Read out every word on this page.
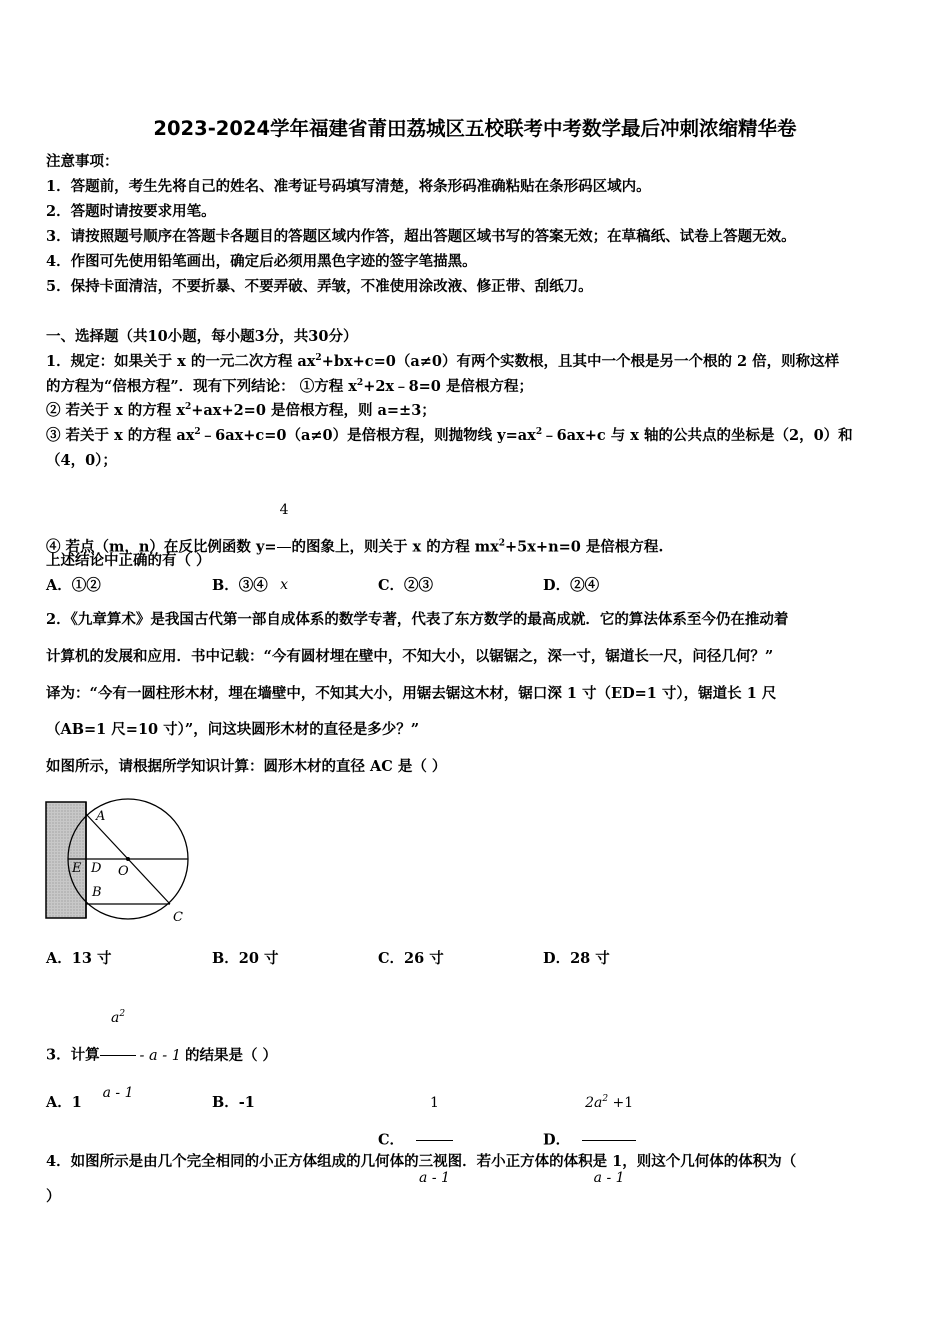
2023-2024学年福建省莆田荔城区五校联考中考数学最后冲刺浓缩精华卷
注意事项：
1．答题前，考生先将自己的姓名、准考证号码填写清楚，将条形码准确粘贴在条形码区域内。
2．答题时请按要求用笔。
3．请按照题号顺序在答题卡各题目的答题区域内作答，超出答题区域书写的答案无效；在草稿纸、试卷上答题无效。
4．作图可先使用铅笔画出，确定后必须用黑色字迹的签字笔描黑。
5．保持卡面清洁，不要折暴、不要弄破、弄皱，不准使用涂改液、修正带、刮纸刀。
一、选择题（共10小题，每小题3分，共30分）
1．规定：如果关于 x 的一元二次方程 $ax^2+bx+c=0(a\ne 0)$有两个实数根，且其中一个根是另一个根的 2 倍，则称这样
的方程为“倍根方程”．现有下列结论： ①方程 $x^2+2x﹣8=0$ 是倍根方程；
② 若关于 x 的方程 $x^2+ax+2=0$ 是倍根方程，则 a=±3；
③ 若关于 x 的方程 $ax^2﹣6ax+c=0(a\ne 0)$是倍根方程，则抛物线 $y=ax^2﹣6ax+c$ 与 x 轴的公共点的坐标是（2，0）和
（4，0）；
④ 若点（m，n）在反比例函数 $y= \frac{4}{x}$ 的图象上，则关于 x 的方程 $mx^2+5x+n=0$ 是倍根方程.
上述结论中正确的有（ ）
A．①②	B．③④	C．②③	D．②④
2．《九章算术》是我国古代第一部自成体系的数学专著，代表了东方数学的最高成就．它的算法体系至今仍在推动着
计算机的发展和应用．书中记载：“今有圆材埋在壁中，不知大小，以锯锯之，深一寸，锯道长一尺，问径几何？”
译为：“今有一圆柱形木材，埋在墙壁中，不知其大小，用锯去锯这木材，锯口深 1 寸（ED=1 寸），锯道长 1 尺
（AB=1 尺=10 寸）”，问这块圆形木材的直径是多少？”
如图所示，请根据所学知识计算：圆形木材的直径 AC 是（ ）
A
E D O
B
C
A．13 寸	B．20 寸	C．26 寸	D．28 寸
3．计算 $\frac{a^2}{a - 1}$ - a - 1 的结果是（ ）
A．1	B．-1
C． $\frac{1}{a - 1}$	D． $\frac{2a^2 +1}{a - 1}$
4．如图所示是由几个完全相同的小正方体组成的几何体的三视图．若小正方体的体积是 1，则这个几何体的体积为（
）
